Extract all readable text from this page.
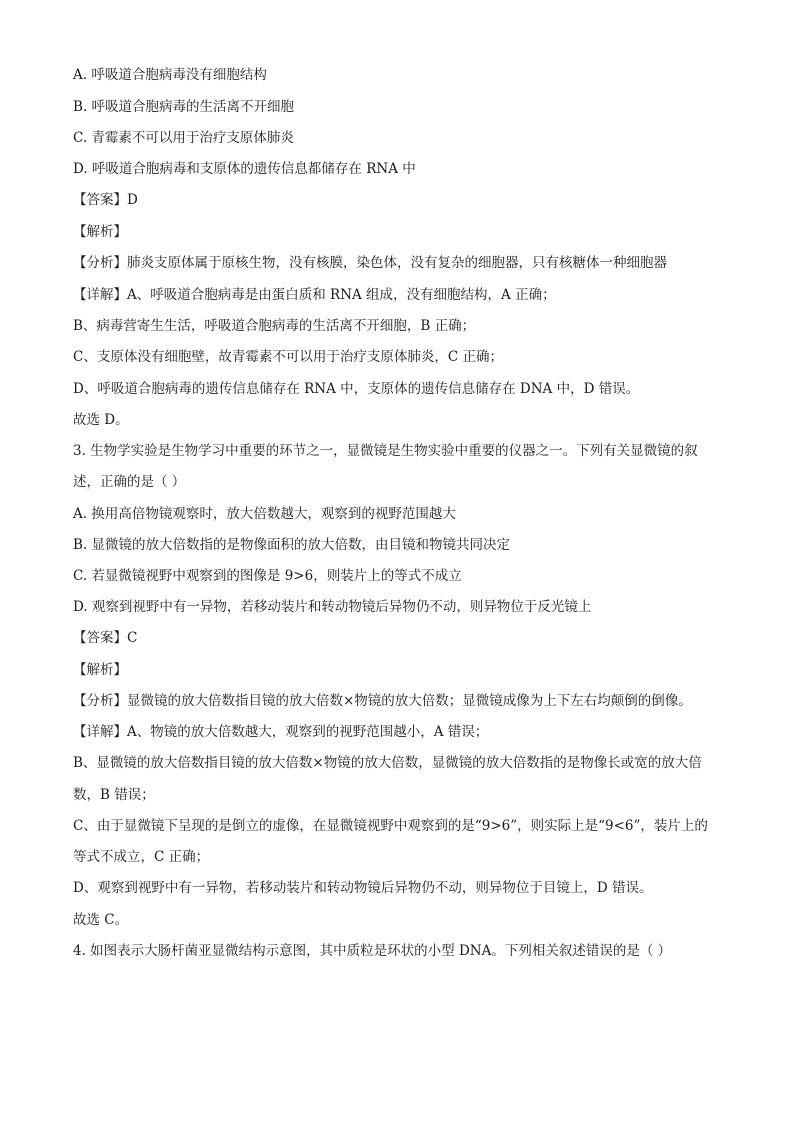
A. 呼吸道合胞病毒没有细胞结构
B. 呼吸道合胞病毒的生活离不开细胞
C. 青霉素不可以用于治疗支原体肺炎
D. 呼吸道合胞病毒和支原体的遗传信息都储存在 RNA 中
【答案】D
【解析】
【分析】肺炎支原体属于原核生物，没有核膜，染色体，没有复杂的细胞器，只有核糖体一种细胞器
【详解】A、呼吸道合胞病毒是由蛋白质和 RNA 组成，没有细胞结构，A 正确；
B、病毒营寄生生活，呼吸道合胞病毒的生活离不开细胞，B 正确；
C、支原体没有细胞壁，故青霉素不可以用于治疗支原体肺炎，C 正确；
D、呼吸道合胞病毒的遗传信息储存在 RNA 中，支原体的遗传信息储存在 DNA 中，D 错误。
故选 D。
3. 生物学实验是生物学习中重要的环节之一，显微镜是生物实验中重要的仪器之一。下列有关显微镜的叙
述，正确的是（ ）
A. 换用高倍物镜观察时，放大倍数越大，观察到的视野范围越大
B. 显微镜的放大倍数指的是物像面积的放大倍数，由目镜和物镜共同决定
C. 若显微镜视野中观察到的图像是 9>6，则装片上的等式不成立
D. 观察到视野中有一异物，若移动装片和转动物镜后异物仍不动，则异物位于反光镜上
【答案】C
【解析】
【分析】显微镜的放大倍数指目镜的放大倍数×物镜的放大倍数；显微镜成像为上下左右均颠倒的倒像。
【详解】A、物镜的放大倍数越大，观察到的视野范围越小，A 错误；
B、显微镜的放大倍数指目镜的放大倍数×物镜的放大倍数，显微镜的放大倍数指的是物像长或宽的放大倍
数，B 错误；
C、由于显微镜下呈现的是倒立的虚像，在显微镜视野中观察到的是“9>6”，则实际上是“9<6”，装片上的
等式不成立，C 正确；
D、观察到视野中有一异物，若移动装片和转动物镜后异物仍不动，则异物位于目镜上，D 错误。
故选 C。
4. 如图表示大肠杆菌亚显微结构示意图，其中质粒是环状的小型 DNA。下列相关叙述错误的是（ ）
